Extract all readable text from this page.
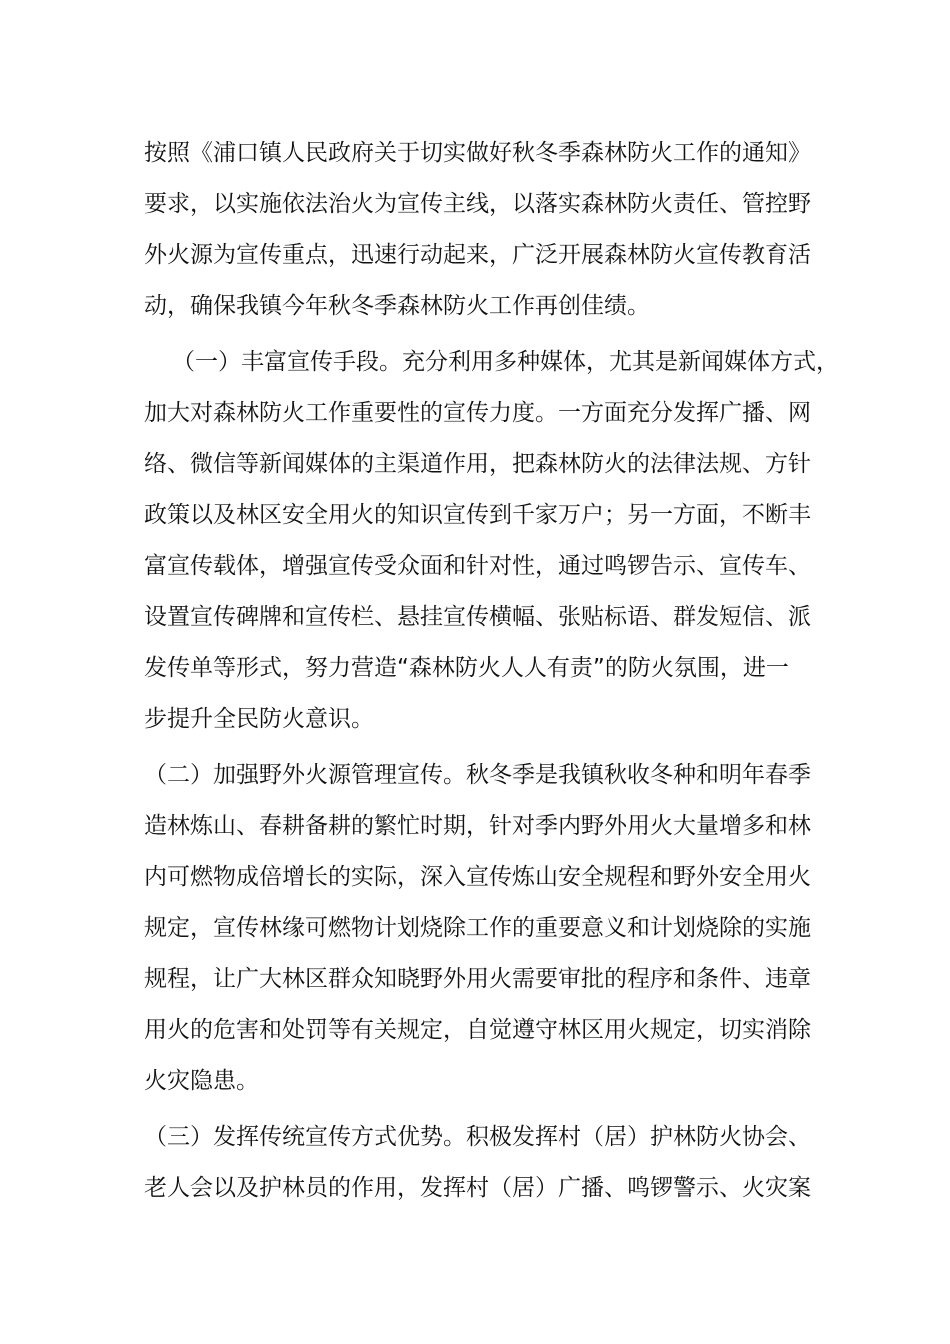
按照《浦口镇人民政府关于切实做好秋冬季森林防火工作的通知》
要求，以实施依法治火为宣传主线，以落实森林防火责任、管控野
外火源为宣传重点，迅速行动起来，广泛开展森林防火宣传教育活
动，确保我镇今年秋冬季森林防火工作再创佳绩。
（一）丰富宣传手段。充分利用多种媒体，尤其是新闻媒体方式，
加大对森林防火工作重要性的宣传力度。一方面充分发挥广播、网
络、微信等新闻媒体的主渠道作用，把森林防火的法律法规、方针
政策以及林区安全用火的知识宣传到千家万户；另一方面，不断丰
富宣传载体，增强宣传受众面和针对性，通过鸣锣告示、宣传车、
设置宣传碑牌和宣传栏、悬挂宣传横幅、张贴标语、群发短信、派
发传单等形式，努力营造“森林防火人人有责”的防火氛围，进一
步提升全民防火意识。
（二）加强野外火源管理宣传。秋冬季是我镇秋收冬种和明年春季
造林炼山、春耕备耕的繁忙时期，针对季内野外用火大量增多和林
内可燃物成倍增长的实际，深入宣传炼山安全规程和野外安全用火
规定，宣传林缘可燃物计划烧除工作的重要意义和计划烧除的实施
规程，让广大林区群众知晓野外用火需要审批的程序和条件、违章
用火的危害和处罚等有关规定，自觉遵守林区用火规定，切实消除
火灾隐患。
（三）发挥传统宣传方式优势。积极发挥村（居）护林防火协会、
老人会以及护林员的作用，发挥村（居）广播、鸣锣警示、火灾案
